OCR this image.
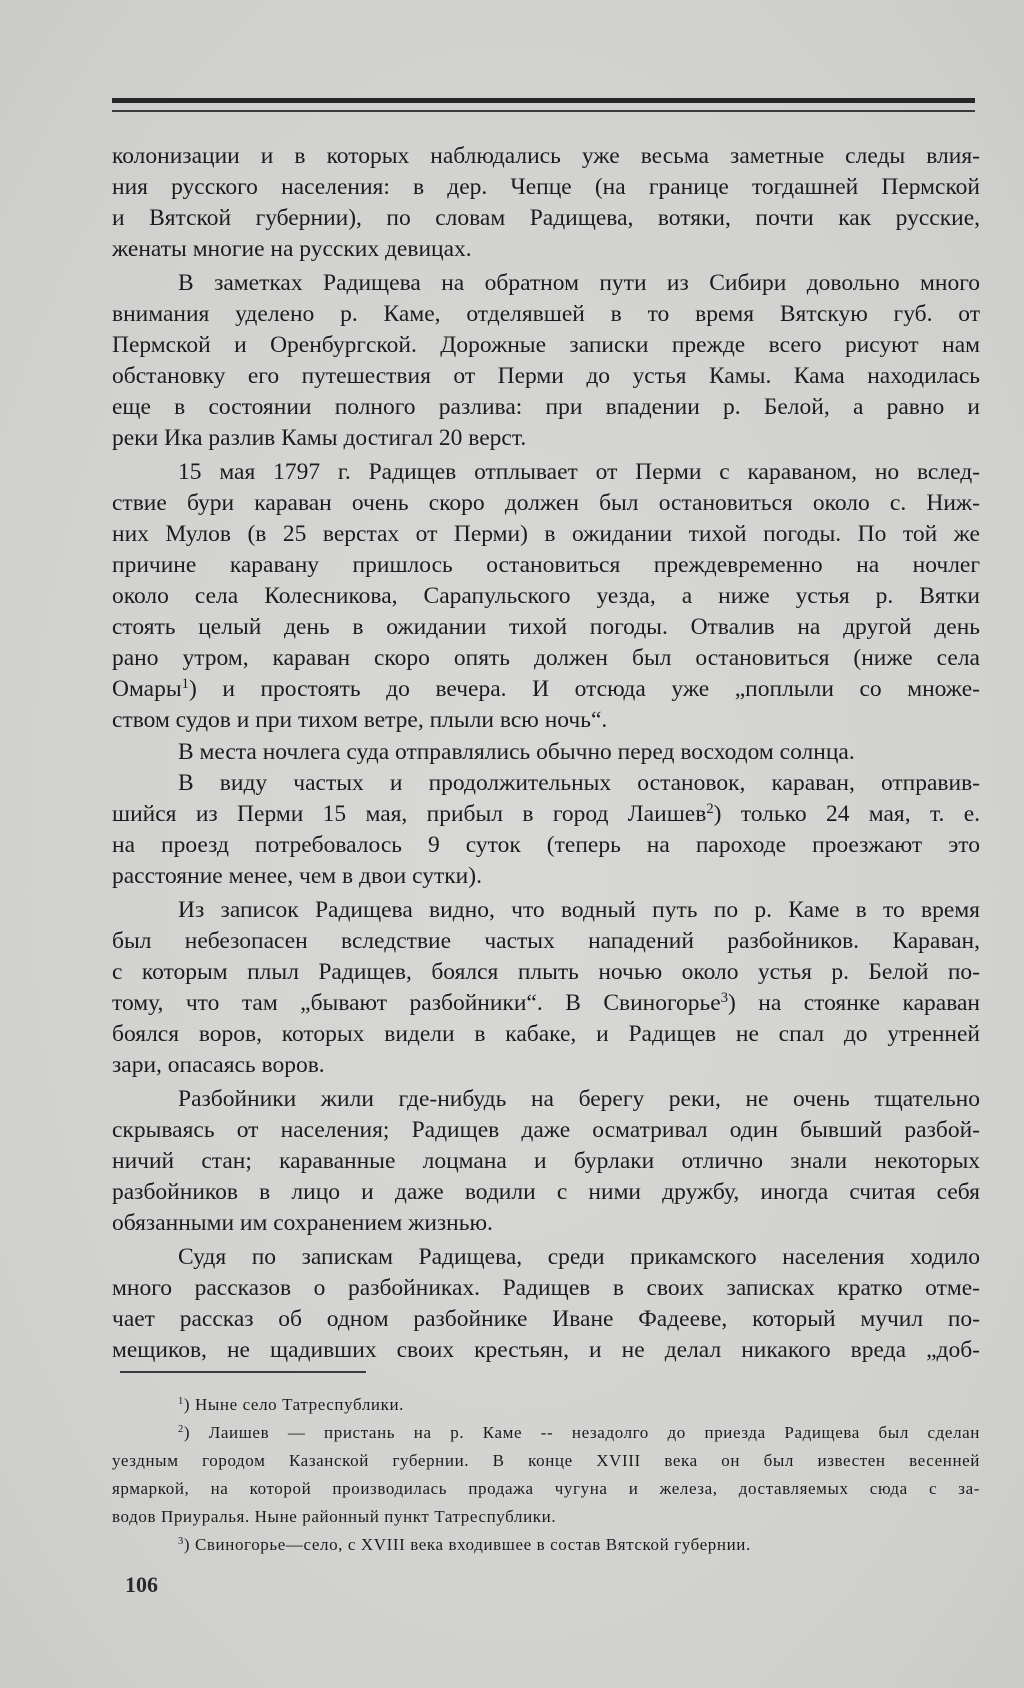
колонизации и в которых наблюдались уже весьма заметные следы влия-
ния русского населения: в дер. Чепце (на границе тогдашней Пермской
и Вятской губернии), по словам Радищева, вотяки, почти как русские,
женаты многие на русских девицах.
В заметках Радищева на обратном пути из Сибири довольно много
внимания уделено р. Каме, отделявшей в то время Вятскую губ. от
Пермской и Оренбургской. Дорожные записки прежде всего рисуют нам
обстановку его путешествия от Перми до устья Камы. Кама находилась
еще в состоянии полного разлива: при впадении р. Белой, а равно и
реки Ика разлив Камы достигал 20 верст.
15 мая 1797 г. Радищев отплывает от Перми с караваном, но вслед-
ствие бури караван очень скоро должен был остановиться около с. Ниж-
них Мулов (в 25 верстах от Перми) в ожидании тихой погоды. По той же
причине каравану пришлось остановиться преждевременно на ночлег
около села Колесникова, Сарапульского уезда, а ниже устья р. Вятки
стоять целый день в ожидании тихой погоды. Отвалив на другой день
рано утром, караван скоро опять должен был остановиться (ниже села
Омары$^1$) и простоять до вечера. И отсюда уже „поплыли со множе-
ством судов и при тихом ветре, плыли всю ночь“.
В места ночлега суда отправлялись обычно перед восходом солнца.
В виду частых и продолжительных остановок, караван, отправив-
шийся из Перми 15 мая, прибыл в город Лаишев$^2$) только 24 мая, т. е.
на проезд потребовалось 9 суток (теперь на пароходе проезжают это
расстояние менее, чем в двои сутки).
Из записок Радищева видно, что водный путь по р. Каме в то время
был небезопасен вследствие частых нападений разбойников. Караван,
с которым плыл Радищев, боялся плыть ночью около устья р. Белой по-
тому, что там „бывают разбойники“. В Свиногорье$^3$) на стоянке караван
боялся воров, которых видели в кабаке, и Радищев не спал до утренней
зари, опасаясь воров.
Разбойники жили где-нибудь на берегу реки, не очень тщательно
скрываясь от населения; Радищев даже осматривал один бывший разбой-
ничий стан; караванные лоцмана и бурлаки отлично знали некоторых
разбойников в лицо и даже водили с ними дружбу, иногда считая себя
обязанными им сохранением жизнью.
Судя по запискам Радищева, среди прикамского населения ходило
много рассказов о разбойниках. Радищев в своих записках кратко отме-
чает рассказ об одном разбойнике Иване Фадееве, который мучил по-
мещиков, не щадивших своих крестьян, и не делал никакого вреда „доб-
$^1$) Ныне село Татреспублики.
$^2$) Лаишев — пристань на р. Каме -- незадолго до приезда Радищева был сделан
уездным городом Казанской губернии. В конце XVIII века он был известен весенней
ярмаркой, на которой производилась продажа чугуна и железа, доставляемых сюда с за-
водов Приуралья. Ныне районный пункт Татреспублики.
$^3$) Свиногорье—село, с XVIII века входившее в состав Вятской губернии.
106
